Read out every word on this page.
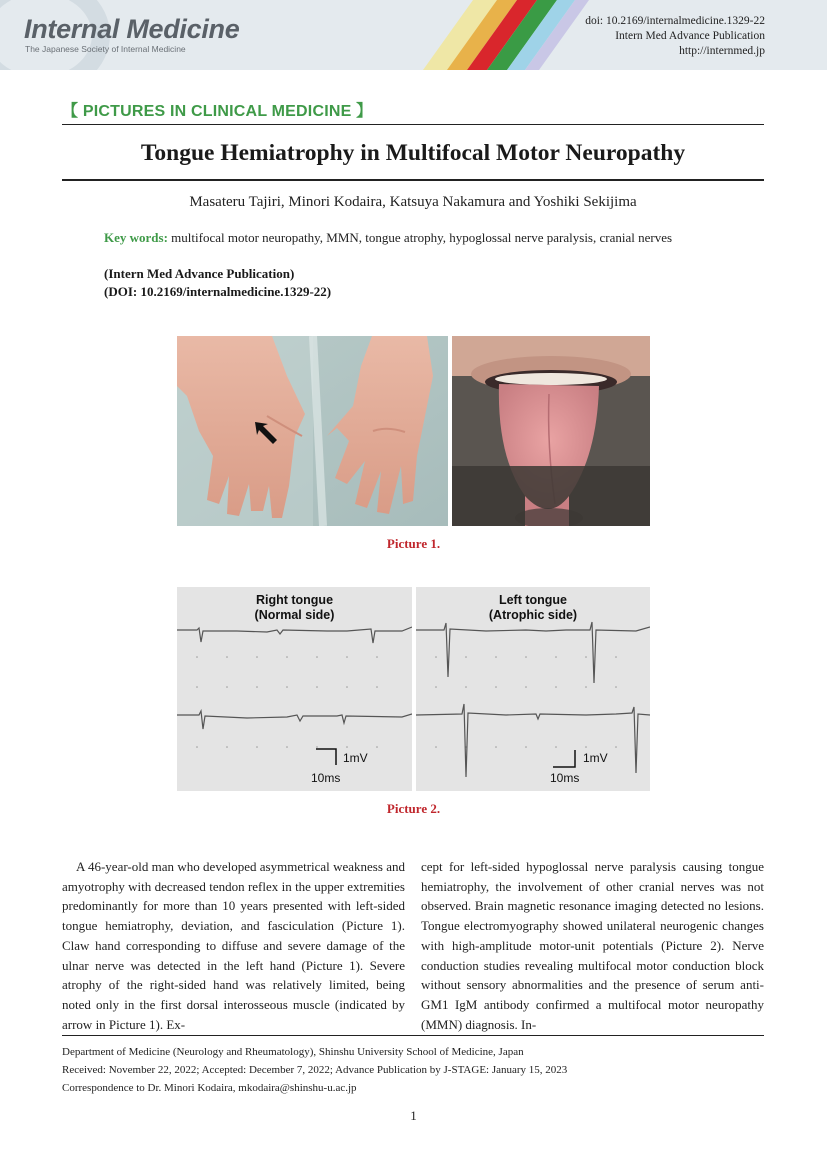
Internal Medicine
The Japanese Society of Internal Medicine
doi: 10.2169/internalmedicine.1329-22
Intern Med Advance Publication
http://internmed.jp
【 PICTURES IN CLINICAL MEDICINE 】
Tongue Hemiatrophy in Multifocal Motor Neuropathy
Masateru Tajiri, Minori Kodaira, Katsuya Nakamura and Yoshiki Sekijima
Key words: multifocal motor neuropathy, MMN, tongue atrophy, hypoglossal nerve paralysis, cranial nerves
(Intern Med Advance Publication)
(DOI: 10.2169/internalmedicine.1329-22)
Picture 1.
Right tongue
(Normal side)
1mV
10ms
Left tongue
(Atrophic side)
1mV
10ms
Picture 2.

A 46-year-old man who developed asymmetrical weakness and amyotrophy with decreased tendon reflex in the upper extremities predominantly for more than 10 years presented with left-sided tongue hemiatrophy, deviation, and fasciculation (Picture 1). Claw hand corresponding to diffuse and severe damage of the ulnar nerve was detected in the left hand (Picture 1). Severe atrophy of the right-sided hand was relatively limited, being noted only in the first dorsal interosseous muscle (indicated by arrow in Picture 1). Ex-

cept for left-sided hypoglossal nerve paralysis causing tongue hemiatrophy, the involvement of other cranial nerves was not observed. Brain magnetic resonance imaging detected no lesions. Tongue electromyography showed unilateral neurogenic changes with high-amplitude motor-unit potentials (Picture 2). Nerve conduction studies revealing multifocal motor conduction block without sensory abnormalities and the presence of serum anti-GM1 IgM antibody confirmed a multifocal motor neuropathy (MMN) diagnosis. In-

Department of Medicine (Neurology and Rheumatology), Shinshu University School of Medicine, Japan
Received: November 22, 2022; Accepted: December 7, 2022; Advance Publication by J-STAGE: January 15, 2023
Correspondence to Dr. Minori Kodaira, mkodaira@shinshu-u.ac.jp
1
